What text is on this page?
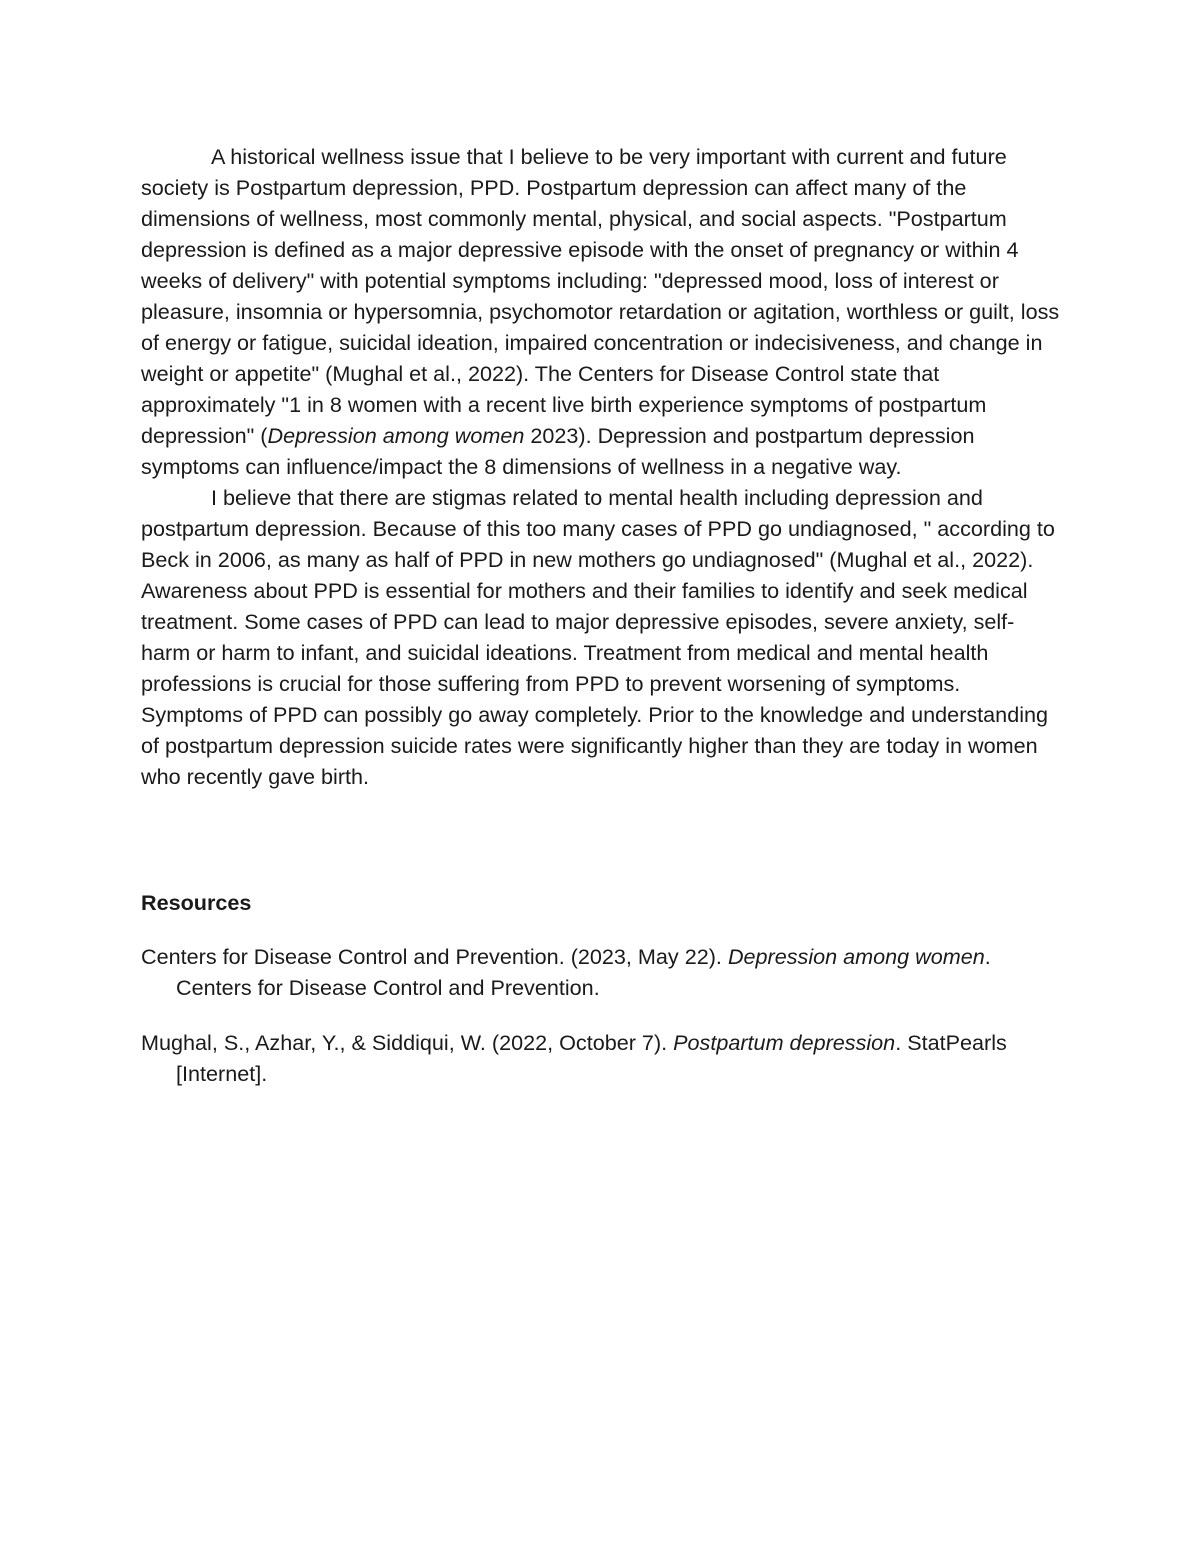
A historical wellness issue that I believe to be very important with current and future society is Postpartum depression, PPD. Postpartum depression can affect many of the dimensions of wellness, most commonly mental, physical, and social aspects. "Postpartum depression is defined as a major depressive episode with the onset of pregnancy or within 4 weeks of delivery" with potential symptoms including: "depressed mood, loss of interest or pleasure, insomnia or hypersomnia, psychomotor retardation or agitation, worthless or guilt, loss of energy or fatigue, suicidal ideation, impaired concentration or indecisiveness, and change in weight or appetite" (Mughal et al., 2022). The Centers for Disease Control state that approximately "1 in 8 women with a recent live birth experience symptoms of postpartum depression" (Depression among women 2023). Depression and postpartum depression symptoms can influence/impact the 8 dimensions of wellness in a negative way.

I believe that there are stigmas related to mental health including depression and postpartum depression. Because of this too many cases of PPD go undiagnosed, " according to Beck in 2006, as many as half of PPD in new mothers go undiagnosed" (Mughal et al., 2022). Awareness about PPD is essential for mothers and their families to identify and seek medical treatment. Some cases of PPD can lead to major depressive episodes, severe anxiety, self-harm or harm to infant, and suicidal ideations. Treatment from medical and mental health professions is crucial for those suffering from PPD to prevent worsening of symptoms. Symptoms of PPD can possibly go away completely. Prior to the knowledge and understanding of postpartum depression suicide rates were significantly higher than they are today in women who recently gave birth.

Resources

Centers for Disease Control and Prevention. (2023, May 22). Depression among women. Centers for Disease Control and Prevention.

Mughal, S., Azhar, Y., & Siddiqui, W. (2022, October 7). Postpartum depression. StatPearls [Internet].
